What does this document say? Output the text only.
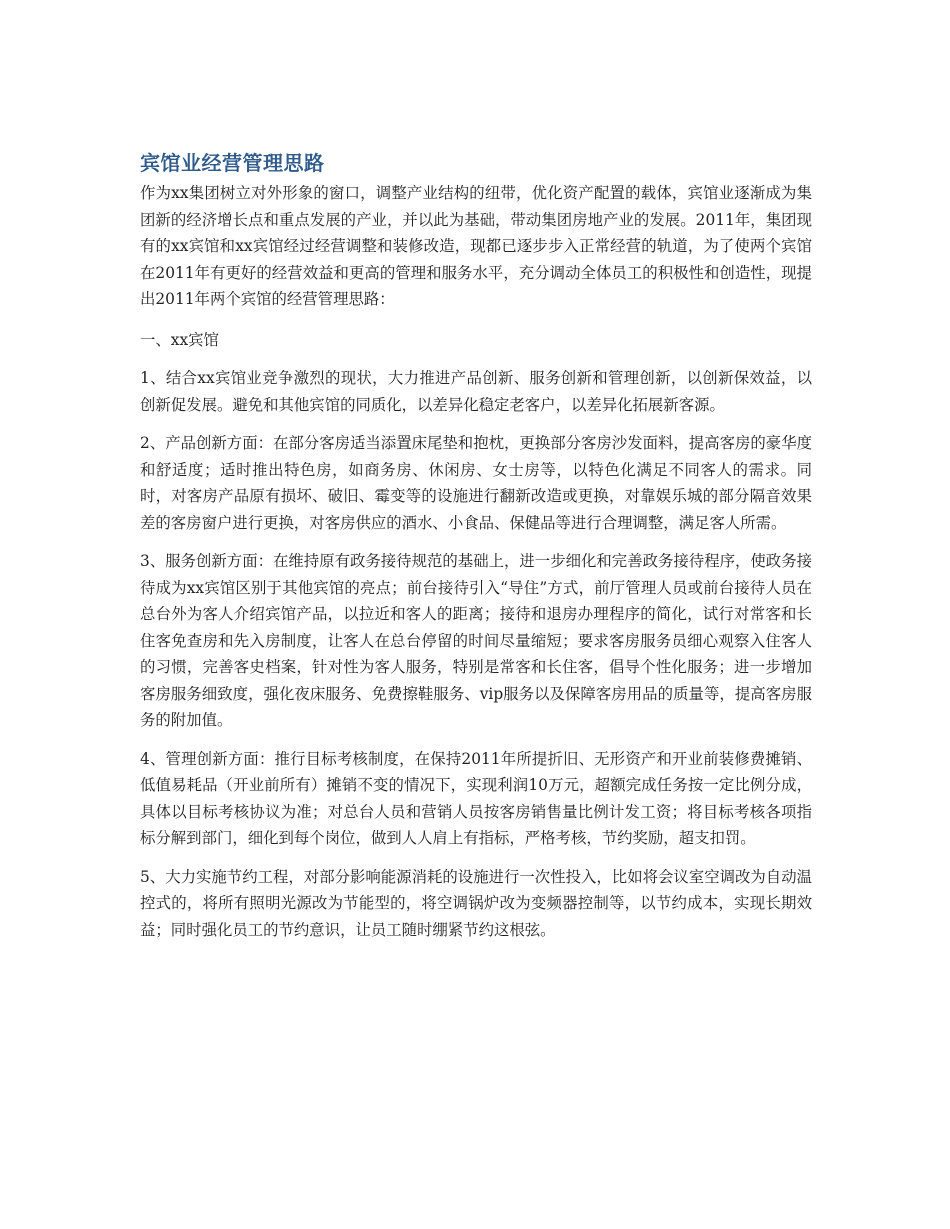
宾馆业经营管理思路

作为xx集团树立对外形象的窗口，调整产业结构的纽带，优化资产配置的载体，宾馆业逐渐成为集团新的经济增长点和重点发展的产业，并以此为基础，带动集团房地产业的发展。2011年，集团现有的xx宾馆和xx宾馆经过经营调整和装修改造，现都已逐步步入正常经营的轨道，为了使两个宾馆在2011年有更好的经营效益和更高的管理和服务水平，充分调动全体员工的积极性和创造性，现提出2011年两个宾馆的经营管理思路：

一、xx宾馆

1、结合xx宾馆业竞争激烈的现状，大力推进产品创新、服务创新和管理创新，以创新保效益，以创新促发展。避免和其他宾馆的同质化，以差异化稳定老客户，以差异化拓展新客源。

2、产品创新方面：在部分客房适当添置床尾垫和抱枕，更换部分客房沙发面料，提高客房的豪华度和舒适度；适时推出特色房，如商务房、休闲房、女士房等，以特色化满足不同客人的需求。同时，对客房产品原有损坏、破旧、霉变等的设施进行翻新改造或更换，对靠娱乐城的部分隔音效果差的客房窗户进行更换，对客房供应的酒水、小食品、保健品等进行合理调整，满足客人所需。

3、服务创新方面：在维持原有政务接待规范的基础上，进一步细化和完善政务接待程序，使政务接待成为xx宾馆区别于其他宾馆的亮点；前台接待引入“导住”方式，前厅管理人员或前台接待人员在总台外为客人介绍宾馆产品，以拉近和客人的距离；接待和退房办理程序的简化，试行对常客和长住客免查房和先入房制度，让客人在总台停留的时间尽量缩短；要求客房服务员细心观察入住客人的习惯，完善客史档案，针对性为客人服务，特别是常客和长住客，倡导个性化服务；进一步增加客房服务细致度，强化夜床服务、免费擦鞋服务、vip服务以及保障客房用品的质量等，提高客房服务的附加值。

4、管理创新方面：推行目标考核制度，在保持2011年所提折旧、无形资产和开业前装修费摊销、低值易耗品（开业前所有）摊销不变的情况下，实现利润10万元，超额完成任务按一定比例分成，具体以目标考核协议为准；对总台人员和营销人员按客房销售量比例计发工资；将目标考核各项指标分解到部门，细化到每个岗位，做到人人肩上有指标，严格考核，节约奖励，超支扣罚。

5、大力实施节约工程，对部分影响能源消耗的设施进行一次性投入，比如将会议室空调改为自动温控式的，将所有照明光源改为节能型的，将空调锅炉改为变频器控制等，以节约成本，实现长期效益；同时强化员工的节约意识，让员工随时绷紧节约这根弦。
